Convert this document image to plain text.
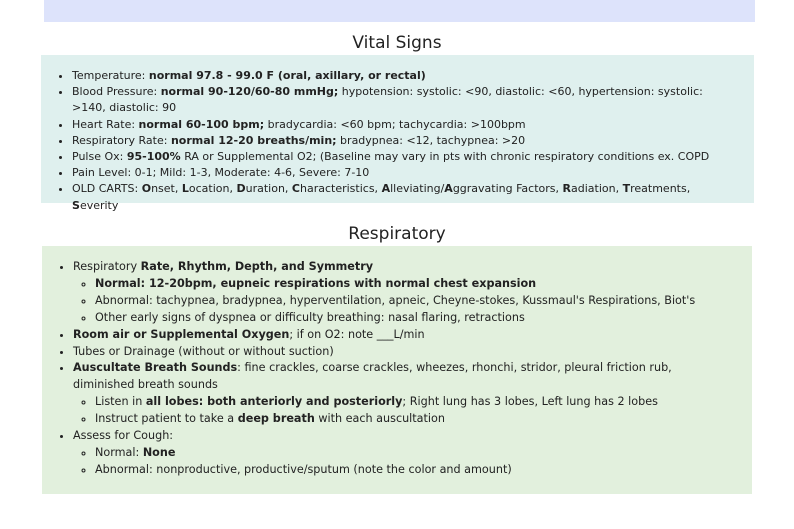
Vital Signs
• Temperature: normal 97.8 - 99.0 F (oral, axillary, or rectal)
• Blood Pressure: normal 90-120/60-80 mmHg; hypotension: systolic: <90, diastolic: <60, hypertension: systolic: >140, diastolic: 90
• Heart Rate: normal 60-100 bpm; bradycardia: <60 bpm; tachycardia: >100bpm
• Respiratory Rate: normal 12-20 breaths/min; bradypnea: <12, tachypnea: >20
• Pulse Ox: 95-100% RA or Supplemental O2; (Baseline may vary in pts with chronic respiratory conditions ex. COPD
• Pain Level: 0-1; Mild: 1-3, Moderate: 4-6, Severe: 7-10
• OLD CARTS: Onset, Location, Duration, Characteristics, Alleviating/Aggravating Factors, Radiation, Treatments, Severity
Respiratory
• Respiratory Rate, Rhythm, Depth, and Symmetry
◦ Normal: 12-20bpm, eupneic respirations with normal chest expansion
◦ Abnormal: tachypnea, bradypnea, hyperventilation, apneic, Cheyne-stokes, Kussmaul's Respirations, Biot's
◦ Other early signs of dyspnea or difficulty breathing: nasal flaring, retractions
• Room air or Supplemental Oxygen; if on O2: note ___L/min
• Tubes or Drainage (without or without suction)
• Auscultate Breath Sounds: fine crackles, coarse crackles, wheezes, rhonchi, stridor, pleural friction rub, diminished breath sounds
◦ Listen in all lobes: both anteriorly and posteriorly; Right lung has 3 lobes, Left lung has 2 lobes
◦ Instruct patient to take a deep breath with each auscultation
• Assess for Cough:
◦ Normal: None
◦ Abnormal: nonproductive, productive/sputum (note the color and amount)
